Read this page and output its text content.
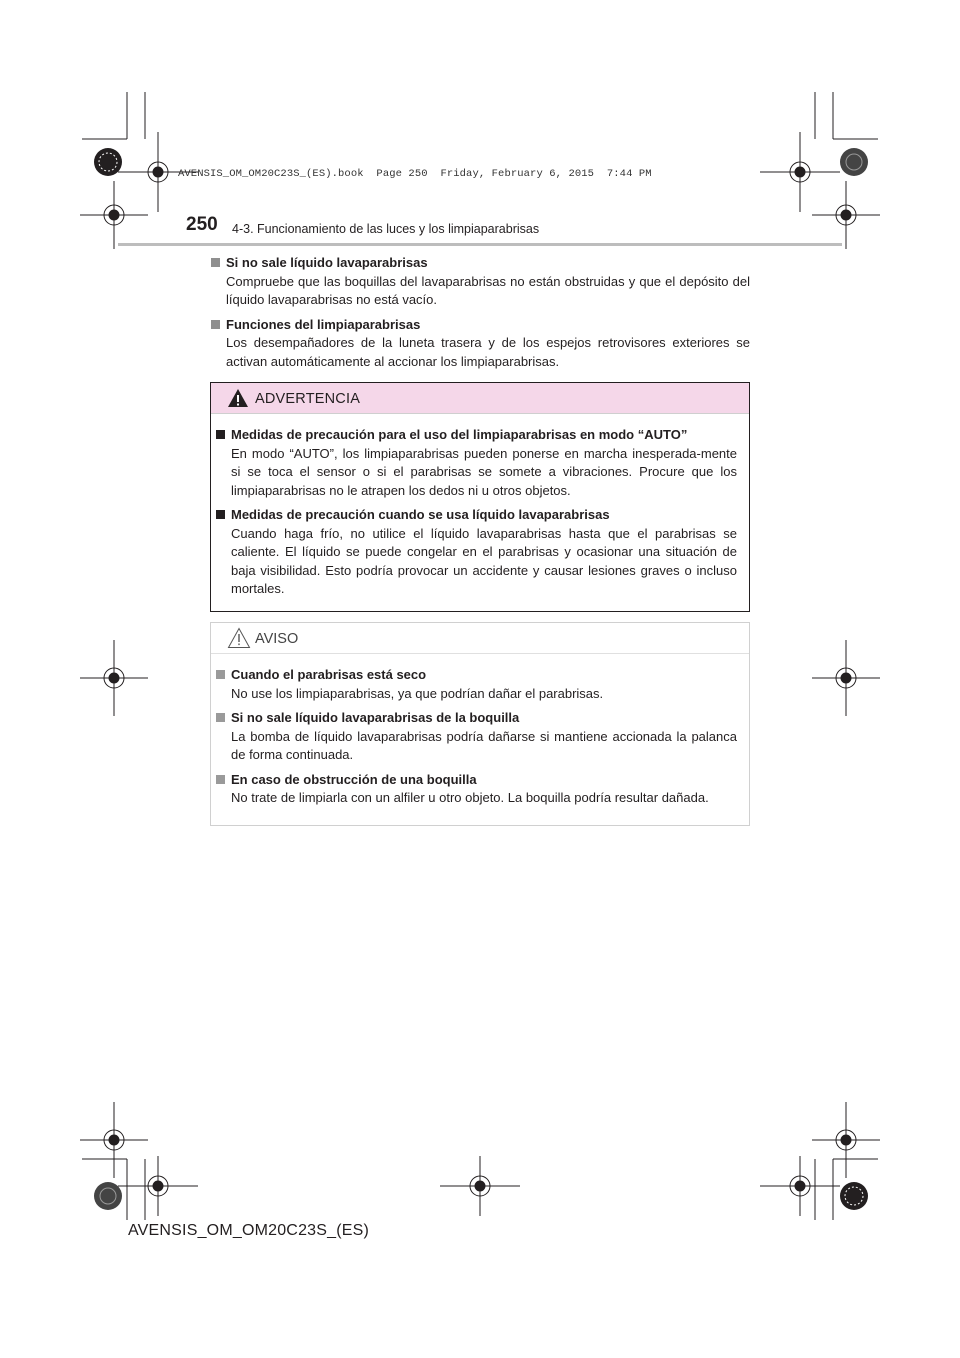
AVENSIS_OM_OM20C23S_(ES).book  Page 250  Friday, February 6, 2015  7:44 PM
250 4-3. Funcionamiento de las luces y los limpiaparabrisas
Si no sale líquido lavaparabrisas
Compruebe que las boquillas del lavaparabrisas no están obstruidas y que el depósito del líquido lavaparabrisas no está vacío.
Funciones del limpiaparabrisas
Los desempañadores de la luneta trasera y de los espejos retrovisores exteriores se activan automáticamente al accionar los limpiaparabrisas.
ADVERTENCIA
Medidas de precaución para el uso del limpiaparabrisas en modo “AUTO”
En modo “AUTO”, los limpiaparabrisas pueden ponerse en marcha inesperada-mente si se toca el sensor o si el parabrisas se somete a vibraciones. Procure que los limpiaparabrisas no le atrapen los dedos ni u otros objetos.
Medidas de precaución cuando se usa líquido lavaparabrisas
Cuando haga frío, no utilice el líquido lavaparabrisas hasta que el parabrisas se caliente. El líquido se puede congelar en el parabrisas y ocasionar una situación de baja visibilidad. Esto podría provocar un accidente y causar lesiones graves o incluso mortales.
AVISO
Cuando el parabrisas está seco
No use los limpiaparabrisas, ya que podrían dañar el parabrisas.
Si no sale líquido lavaparabrisas de la boquilla
La bomba de líquido lavaparabrisas podría dañarse si mantiene accionada la palanca de forma continuada.
En caso de obstrucción de una boquilla
No trate de limpiarla con un alfiler u otro objeto. La boquilla podría resultar dañada.
AVENSIS_OM_OM20C23S_(ES)
